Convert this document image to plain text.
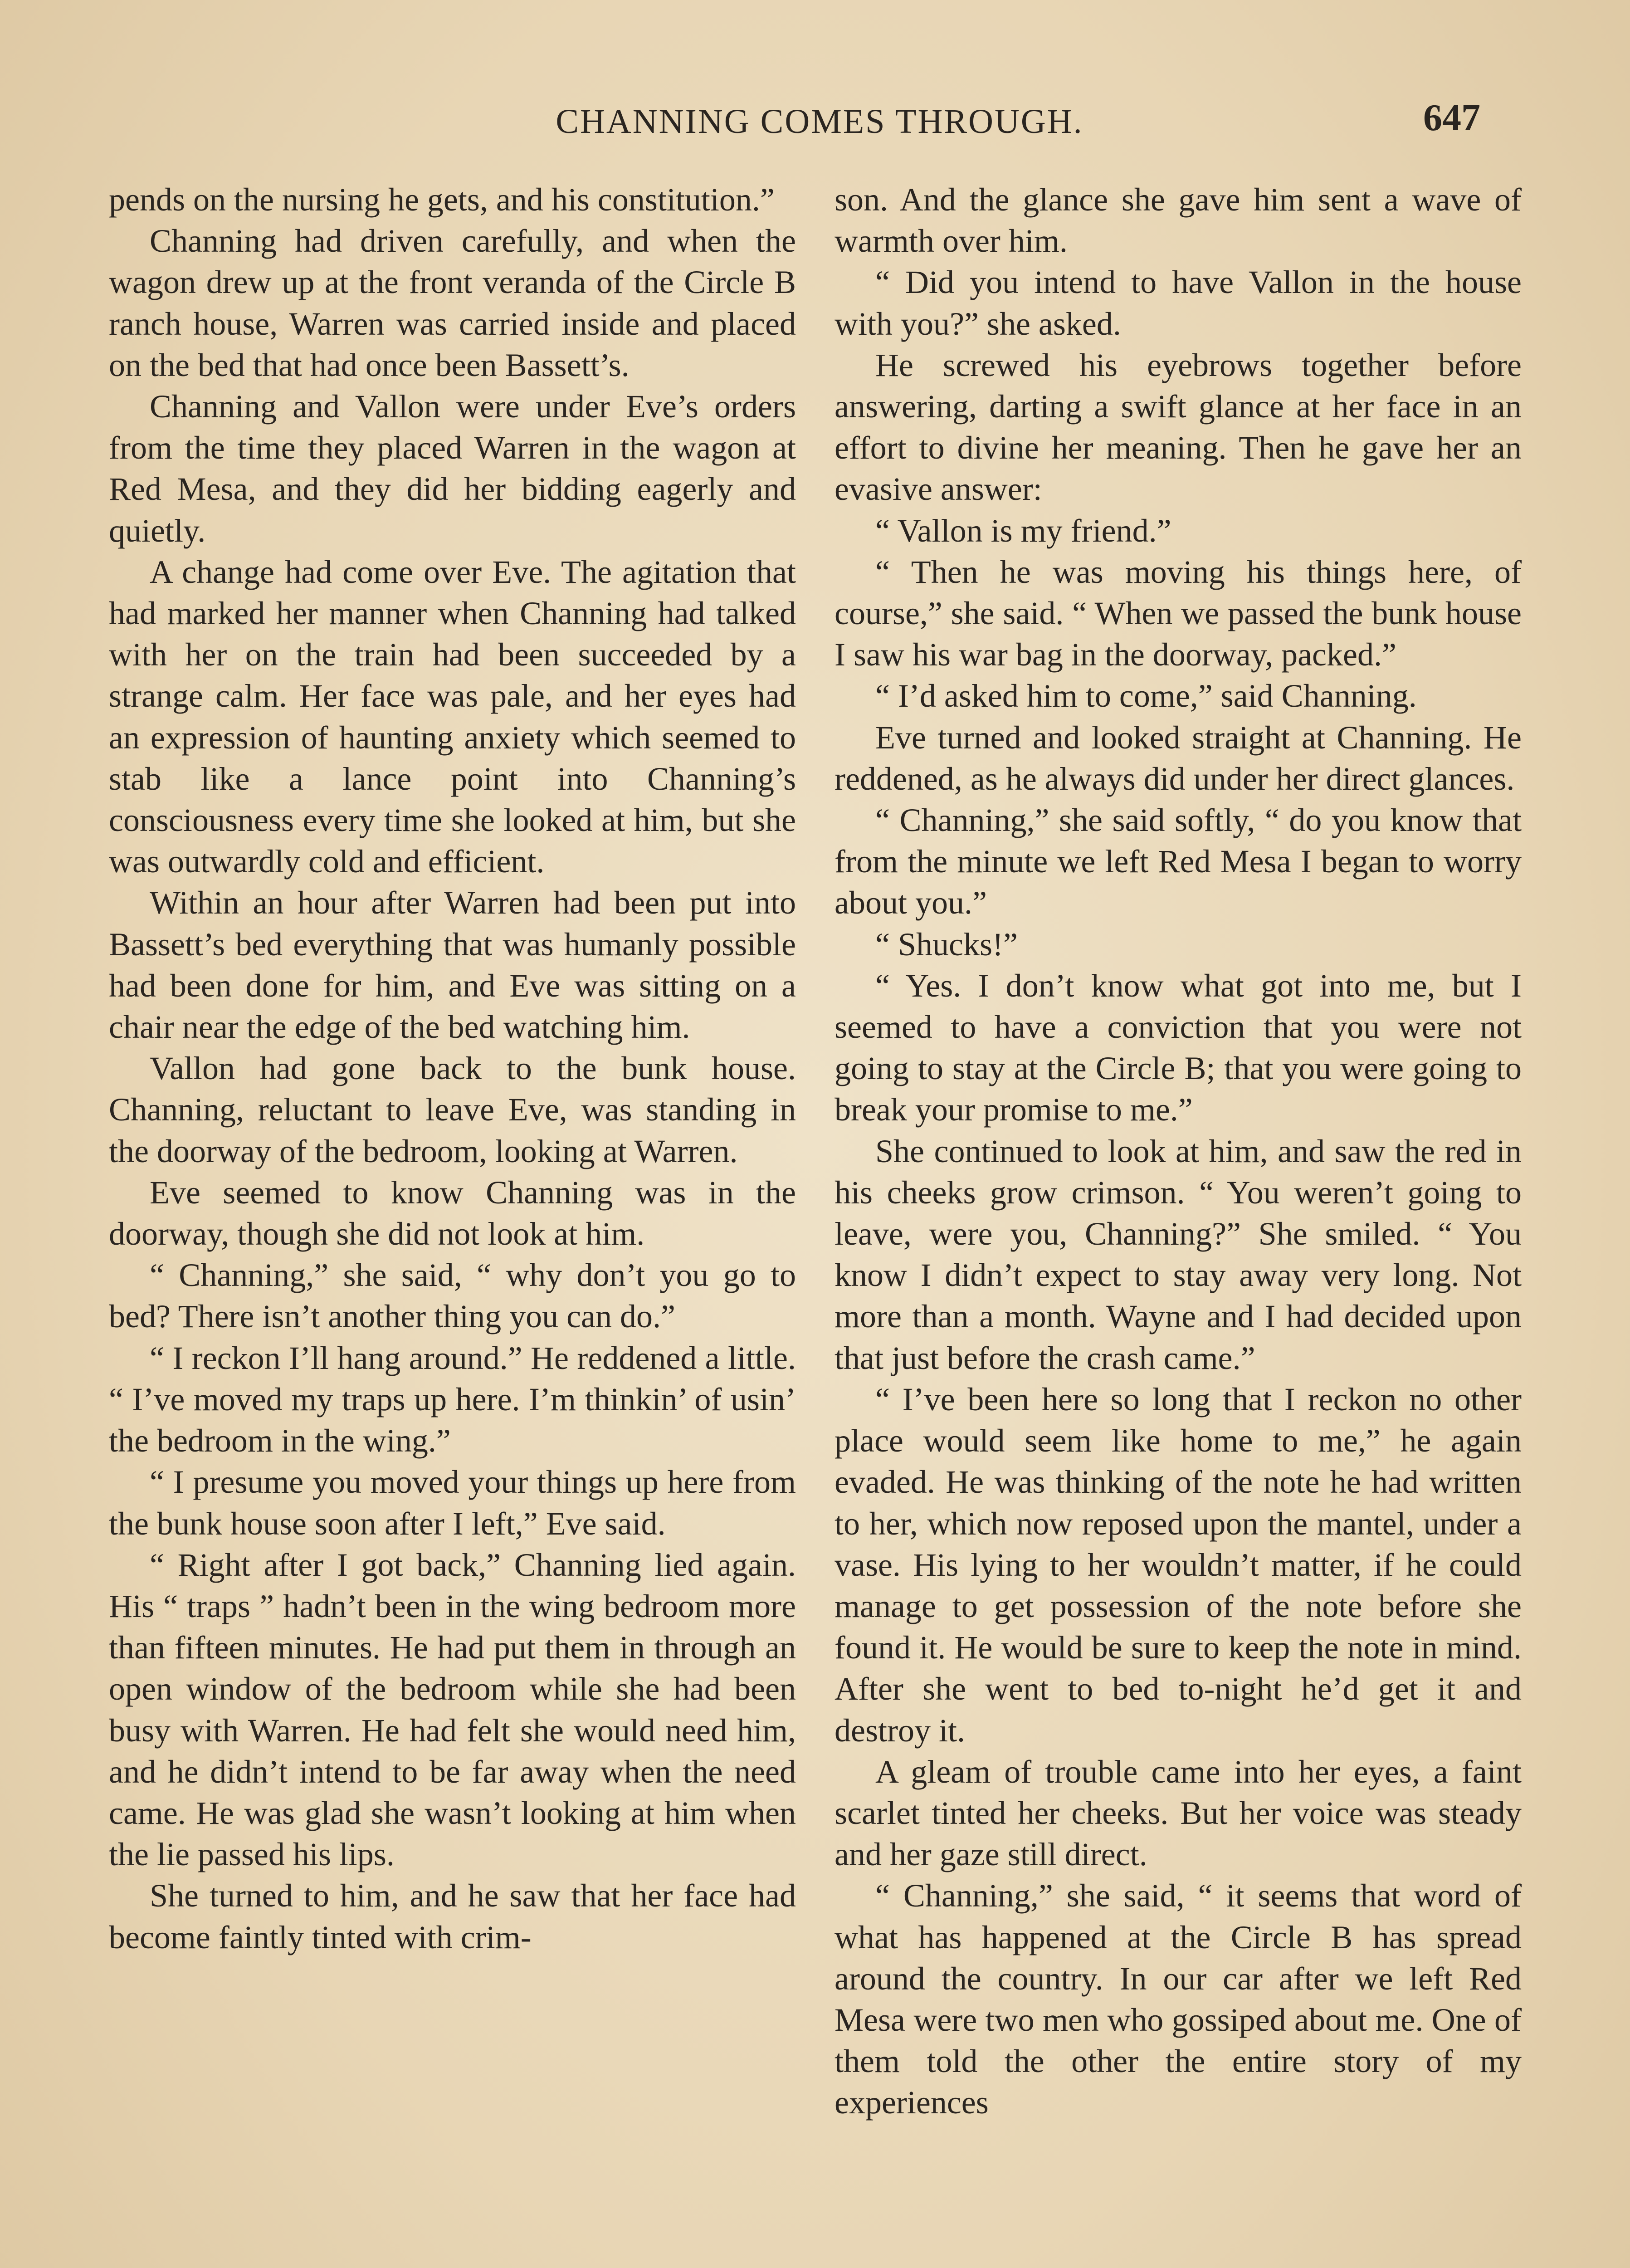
CHANNING COMES THROUGH.	647

pends on the nursing he gets, and his constitution.”

Channing had driven carefully, and when the wagon drew up at the front veranda of the Circle B ranch house, Warren was carried inside and placed on the bed that had once been Bassett’s.

Channing and Vallon were under Eve’s orders from the time they placed Warren in the wagon at Red Mesa, and they did her bidding eagerly and quietly.

A change had come over Eve. The agitation that had marked her manner when Channing had talked with her on the train had been succeeded by a strange calm. Her face was pale, and her eyes had an expression of haunting anxiety which seemed to stab like a lance point into Channing’s consciousness every time she looked at him, but she was outwardly cold and efficient.

Within an hour after Warren had been put into Bassett’s bed everything that was humanly possible had been done for him, and Eve was sitting on a chair near the edge of the bed watching him.

Vallon had gone back to the bunk house. Channing, reluctant to leave Eve, was standing in the doorway of the bedroom, looking at Warren.

Eve seemed to know Channing was in the doorway, though she did not look at him.

“ Channing,” she said, “ why don’t you go to bed? There isn’t another thing you can do.”

“ I reckon I’ll hang around.” He reddened a little. “ I’ve moved my traps up here. I’m thinkin’ of usin’ the bedroom in the wing.”

“ I presume you moved your things up here from the bunk house soon after I left,” Eve said.

“ Right after I got back,” Channing lied again. His “ traps ” hadn’t been in the wing bedroom more than fifteen minutes. He had put them in through an open window of the bedroom while she had been busy with Warren. He had felt she would need him, and he didn’t intend to be far away when the need came. He was glad she wasn’t looking at him when the lie passed his lips.

She turned to him, and he saw that her face had become faintly tinted with crim-

son. And the glance she gave him sent a wave of warmth over him.

“ Did you intend to have Vallon in the house with you?” she asked.

He screwed his eyebrows together before answering, darting a swift glance at her face in an effort to divine her meaning. Then he gave her an evasive answer:

“ Vallon is my friend.”

“ Then he was moving his things here, of course,” she said. “ When we passed the bunk house I saw his war bag in the doorway, packed.”

“ I’d asked him to come,” said Channing.

Eve turned and looked straight at Channing. He reddened, as he always did under her direct glances.

“ Channing,” she said softly, “ do you know that from the minute we left Red Mesa I began to worry about you.”

“ Shucks!”

“ Yes. I don’t know what got into me, but I seemed to have a conviction that you were not going to stay at the Circle B; that you were going to break your promise to me.”

She continued to look at him, and saw the red in his cheeks grow crimson. “ You weren’t going to leave, were you, Channing?” She smiled. “ You know I didn’t expect to stay away very long. Not more than a month. Wayne and I had decided upon that just before the crash came.”

“ I’ve been here so long that I reckon no other place would seem like home to me,” he again evaded. He was thinking of the note he had written to her, which now reposed upon the mantel, under a vase. His lying to her wouldn’t matter, if he could manage to get possession of the note before she found it. He would be sure to keep the note in mind. After she went to bed to-night he’d get it and destroy it.

A gleam of trouble came into her eyes, a faint scarlet tinted her cheeks. But her voice was steady and her gaze still direct.

“ Channing,” she said, “ it seems that word of what has happened at the Circle B has spread around the country. In our car after we left Red Mesa were two men who gossiped about me. One of them told the other the entire story of my experiences
